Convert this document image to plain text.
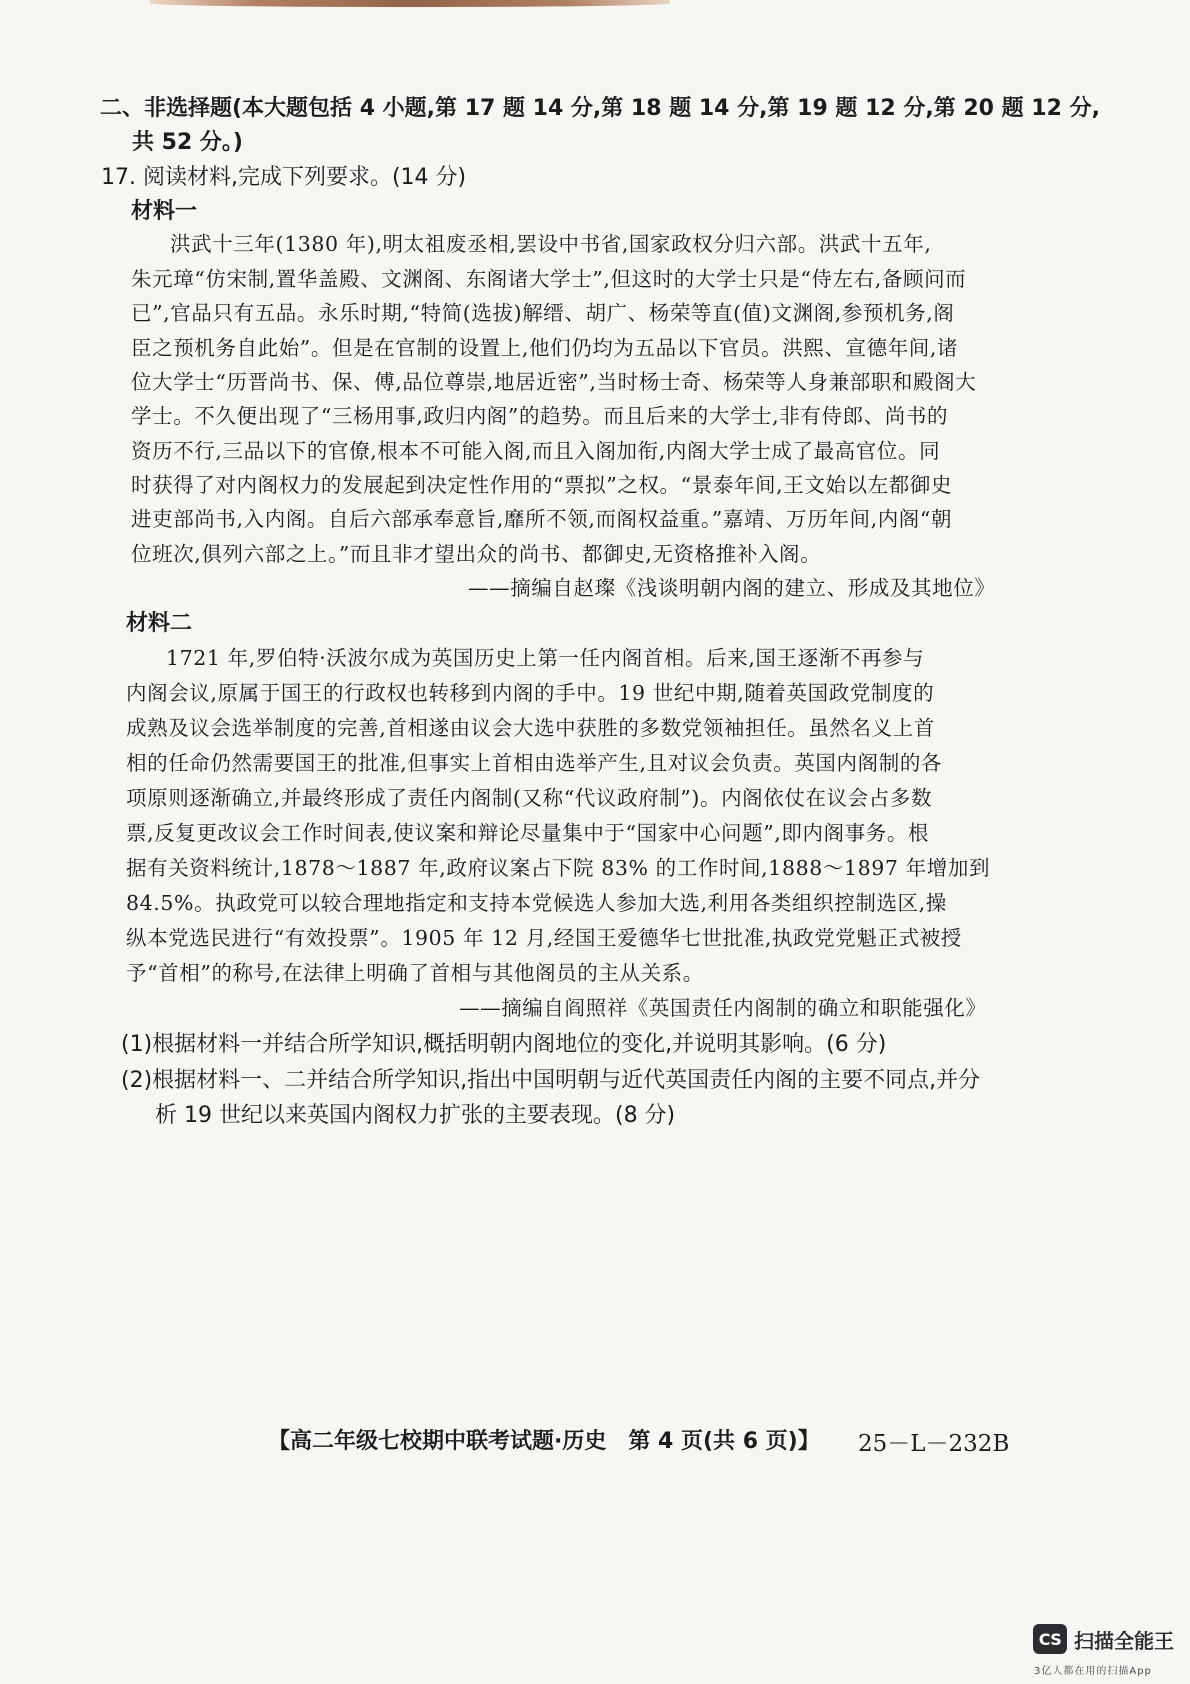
二、非选择题(本大题包括 4 小题,第 17 题 14 分,第 18 题 14 分,第 19 题 12 分,第 20 题 12 分,
共 52 分。)
17. 阅读材料,完成下列要求。(14 分)
材料一
洪武十三年(1380 年),明太祖废丞相,罢设中书省,国家政权分归六部。洪武十五年,
朱元璋“仿宋制,置华盖殿、文渊阁、东阁诸大学士”,但这时的大学士只是“侍左右,备顾问而
已”,官品只有五品。永乐时期,“特简(选拔)解缙、胡广、杨荣等直(值)文渊阁,参预机务,阁
臣之预机务自此始”。但是在官制的设置上,他们仍均为五品以下官员。洪熙、宣德年间,诸
位大学士“历晋尚书、保、傅,品位尊崇,地居近密”,当时杨士奇、杨荣等人身兼部职和殿阁大
学士。不久便出现了“三杨用事,政归内阁”的趋势。而且后来的大学士,非有侍郎、尚书的
资历不行,三品以下的官僚,根本不可能入阁,而且入阁加衔,内阁大学士成了最高官位。同
时获得了对内阁权力的发展起到决定性作用的“票拟”之权。“景泰年间,王文始以左都御史
进吏部尚书,入内阁。自后六部承奉意旨,靡所不领,而阁权益重。”嘉靖、万历年间,内阁“朝
位班次,俱列六部之上。”而且非才望出众的尚书、都御史,无资格推补入阁。
——摘编自赵璨《浅谈明朝内阁的建立、形成及其地位》
材料二
1721 年,罗伯特·沃波尔成为英国历史上第一任内阁首相。后来,国王逐渐不再参与
内阁会议,原属于国王的行政权也转移到内阁的手中。19 世纪中期,随着英国政党制度的
成熟及议会选举制度的完善,首相遂由议会大选中获胜的多数党领袖担任。虽然名义上首
相的任命仍然需要国王的批准,但事实上首相由选举产生,且对议会负责。英国内阁制的各
项原则逐渐确立,并最终形成了责任内阁制(又称“代议政府制”)。内阁依仗在议会占多数
票,反复更改议会工作时间表,使议案和辩论尽量集中于“国家中心问题”,即内阁事务。根
据有关资料统计,1878～1887 年,政府议案占下院 83% 的工作时间,1888～1897 年增加到
84.5%。执政党可以较合理地指定和支持本党候选人参加大选,利用各类组织控制选区,操
纵本党选民进行“有效投票”。1905 年 12 月,经国王爱德华七世批准,执政党党魁正式被授
予“首相”的称号,在法律上明确了首相与其他阁员的主从关系。
——摘编自阎照祥《英国责任内阁制的确立和职能强化》
(1)根据材料一并结合所学知识,概括明朝内阁地位的变化,并说明其影响。(6 分)
(2)根据材料一、二并结合所学知识,指出中国明朝与近代英国责任内阁的主要不同点,并分
析 19 世纪以来英国内阁权力扩张的主要表现。(8 分)
【高二年级七校期中联考试题·历史 第 4 页(共 6 页)】 25－L－232B
CS 扫描全能王
3亿人都在用的扫描App
